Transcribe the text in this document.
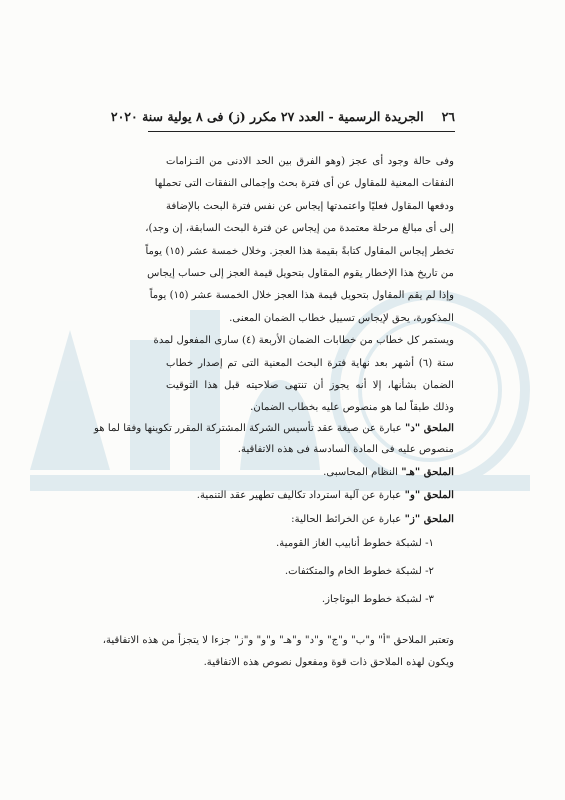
٢٦
الجريدة الرسمية - العدد ٢٧ مكرر (ز) فى ٨ يولية سنة ٢٠٢٠
وفى حالة وجود أى عجز (وهو الفرق بين الحد الادنى من التـزامات
النفقات المعنية للمقاول عن أى فترة بحث وإجمالى النفقات التى تحملها
ودفعها المقاول فعليًا واعتمدتها إيجاس عن نفس فترة البحث بالإضافة
إلى أى مبالغ مرحلة معتمدة من إيجاس عن فترة البحث السابقة، إن وجد)،
تخطر إيجاس المقاول كتابةً بقيمة هذا العجز. وخلال خمسة عشر (١٥) يوماً
من تاريخ هذا الإخطار يقوم المقاول بتحويل قيمة العجز إلى حساب إيجاس
وإذا لم يقم المقاول بتحويل قيمة هذا العجز خلال الخمسة عشر (١٥) يوماً
المذكورة، يحق لإيجاس تسييل خطاب الضمان المعنى.
ويستمر كل خطاب من خطابات الضمان الأربعة (٤) سارى المفعول لمدة
ستة (٦) أشهر بعد نهاية فترة البحث المعنية التى تم إصدار خطاب
الضمان بشأنها، إلا أنه يجوز أن تنتهى صلاحيته قبل هذا التوقيت
وذلك طبقاً لما هو منصوص عليه بخطاب الضمان.
الملحق "د" عبارة عن صيغة عقد تأسيس الشركة المشتركة المقرر تكوينها وفقا لما هو
منصوص عليه فى المادة السادسة فى هذه الاتفاقية.
الملحق "هـ" النظام المحاسبى.
الملحق "و" عبارة عن آلية استرداد تكاليف تطهير عقد التنمية.
الملحق "ز" عبارة عن الخرائط الحالية:
١- لشبكة خطوط أنابيب الغاز القومية.
٢- لشبكة خطوط الخام والمتكثفات.
٣- لشبكة خطوط البوتاجاز.
وتعتبر الملاحق "أ" و"ب" و"ج" و"د" و"هـ" و"و" و"ز" جزءا لا يتجزأ من هذه الاتفاقية،
ويكون لهذه الملاحق ذات قوة ومفعول نصوص هذه الاتفاقية.
